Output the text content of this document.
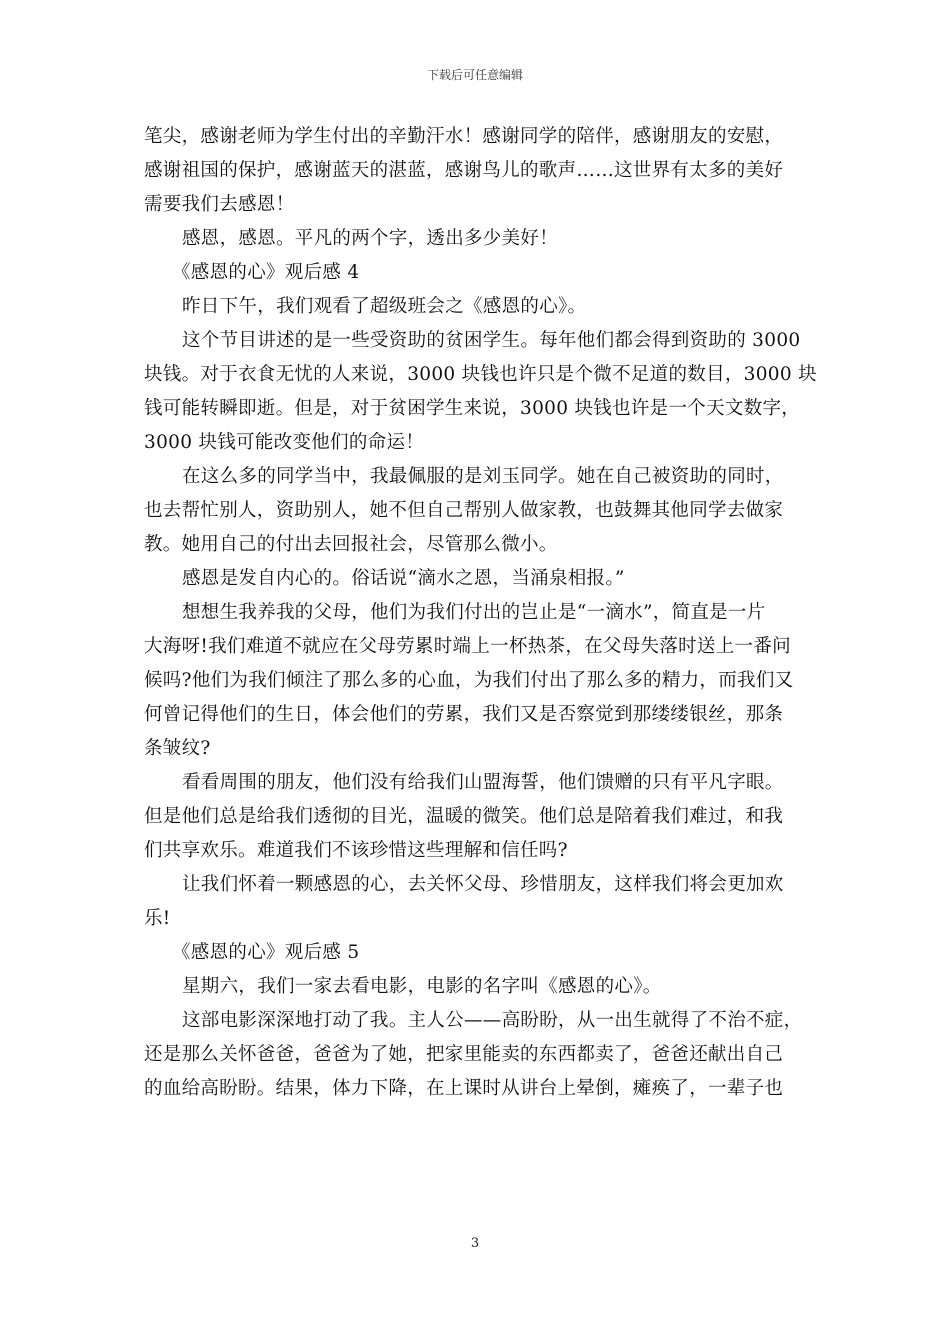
下载后可任意编辑
笔尖，感谢老师为学生付出的辛勤汗水！感谢同学的陪伴，感谢朋友的安慰，
感谢祖国的保护，感谢蓝天的湛蓝，感谢鸟儿的歌声……这世界有太多的美好
需要我们去感恩！
感恩，感恩。平凡的两个字，透出多少美好！
《感恩的心》观后感 4
昨日下午，我们观看了超级班会之《感恩的心》。
这个节目讲述的是一些受资助的贫困学生。每年他们都会得到资助的 3000
块钱。对于衣食无忧的人来说，3000 块钱也许只是个微不足道的数目，3000 块
钱可能转瞬即逝。但是，对于贫困学生来说，3000 块钱也许是一个天文数字，
3000 块钱可能改变他们的命运！
在这么多的同学当中，我最佩服的是刘玉同学。她在自己被资助的同时，
也去帮忙别人，资助别人，她不但自己帮别人做家教，也鼓舞其他同学去做家
教。她用自己的付出去回报社会，尽管那么微小。
感恩是发自内心的。俗话说“滴水之恩，当涌泉相报。”
想想生我养我的父母，他们为我们付出的岂止是“一滴水”，简直是一片
大海呀!我们难道不就应在父母劳累时端上一杯热茶，在父母失落时送上一番问
候吗?他们为我们倾注了那么多的心血，为我们付出了那么多的精力，而我们又
何曾记得他们的生日，体会他们的劳累，我们又是否察觉到那缕缕银丝，那条
条皱纹?
看看周围的朋友，他们没有给我们山盟海誓，他们馈赠的只有平凡字眼。
但是他们总是给我们透彻的目光，温暖的微笑。他们总是陪着我们难过，和我
们共享欢乐。难道我们不该珍惜这些理解和信任吗?
让我们怀着一颗感恩的心，去关怀父母、珍惜朋友，这样我们将会更加欢
乐!
《感恩的心》观后感 5
星期六，我们一家去看电影，电影的名字叫《感恩的心》。
这部电影深深地打动了我。主人公——高盼盼，从一出生就得了不治不症，
还是那么关怀爸爸，爸爸为了她，把家里能卖的东西都卖了，爸爸还献出自己
的血给高盼盼。结果，体力下降，在上课时从讲台上晕倒，瘫痪了，一辈子也
3
